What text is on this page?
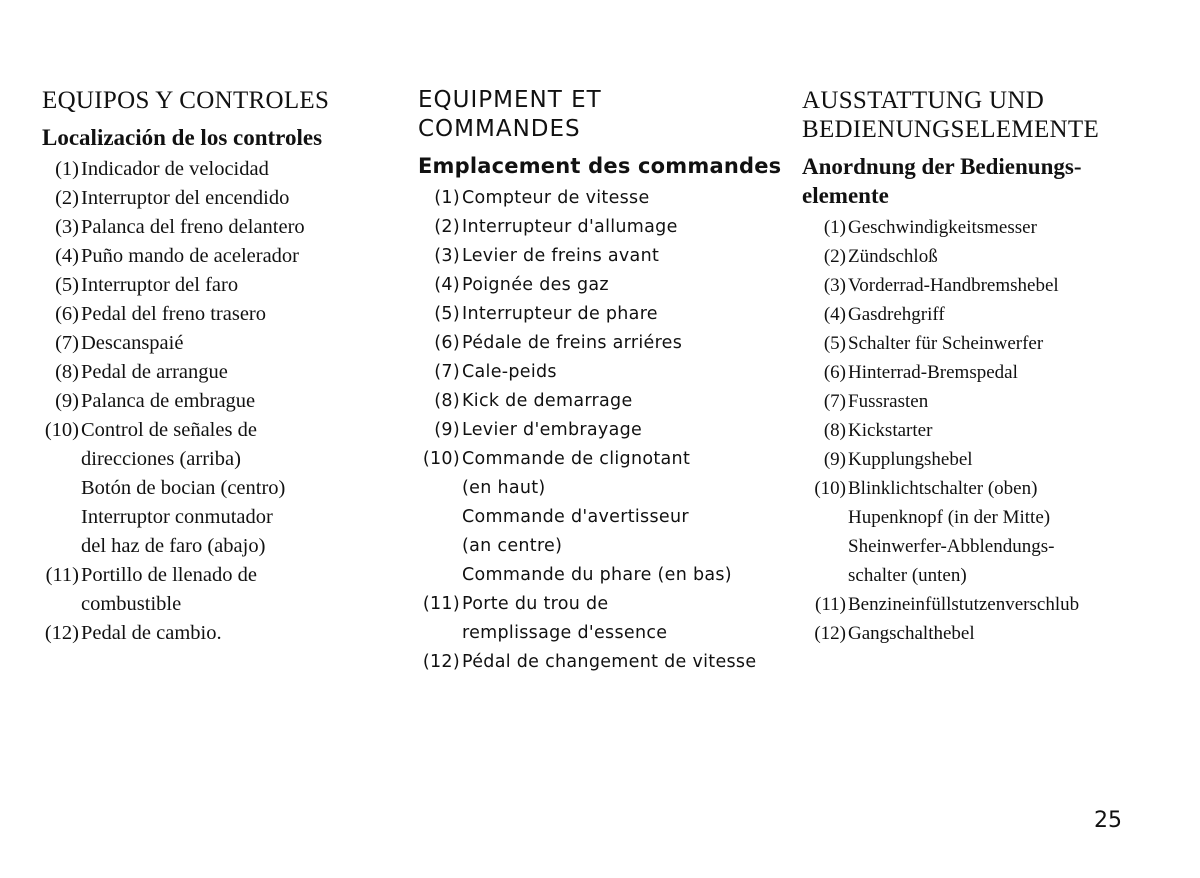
EQUIPOS Y CONTROLES
Localización de los controles
(1) Indicador de velocidad
(2) Interruptor del encendido
(3) Palanca del freno delantero
(4) Puño mando de acelerador
(5) Interruptor del faro
(6) Pedal del freno trasero
(7) Descanspaié
(8) Pedal de arrangue
(9) Palanca de embrague
(10) Control de señales de
direcciones (arriba)
Botón de bocian (centro)
Interruptor conmutador
del haz de faro (abajo)
(11) Portillo de llenado de
combustible
(12) Pedal de cambio.
EQUIPMENT ET
COMMANDES
Emplacement des commandes
(1) Compteur de vitesse
(2) Interrupteur d'allumage
(3) Levier de freins avant
(4) Poignée des gaz
(5) Interrupteur de phare
(6) Pédale de freins arriéres
(7) Cale-peids
(8) Kick de demarrage
(9) Levier d'embrayage
(10) Commande de clignotant
(en haut)
Commande d'avertisseur
(an centre)
Commande du phare (en bas)
(11) Porte du trou de
remplissage d'essence
(12) Pédal de changement de vitesse
AUSSTATTUNG UND
BEDIENUNGSELEMENTE
Anordnung der Bedienungs-
elemente
(1) Geschwindigkeitsmesser
(2) Zündschloß
(3) Vorderrad-Handbremshebel
(4) Gasdrehgriff
(5) Schalter für Scheinwerfer
(6) Hinterrad-Bremspedal
(7) Fussrasten
(8) Kickstarter
(9) Kupplungshebel
(10) Blinklichtschalter (oben)
Hupenknopf (in der Mitte)
Sheinwerfer-Abblendungs-
schalter (unten)
(11) Benzineinfüllstutzenverschlub
(12) Gangschalthebel
25
